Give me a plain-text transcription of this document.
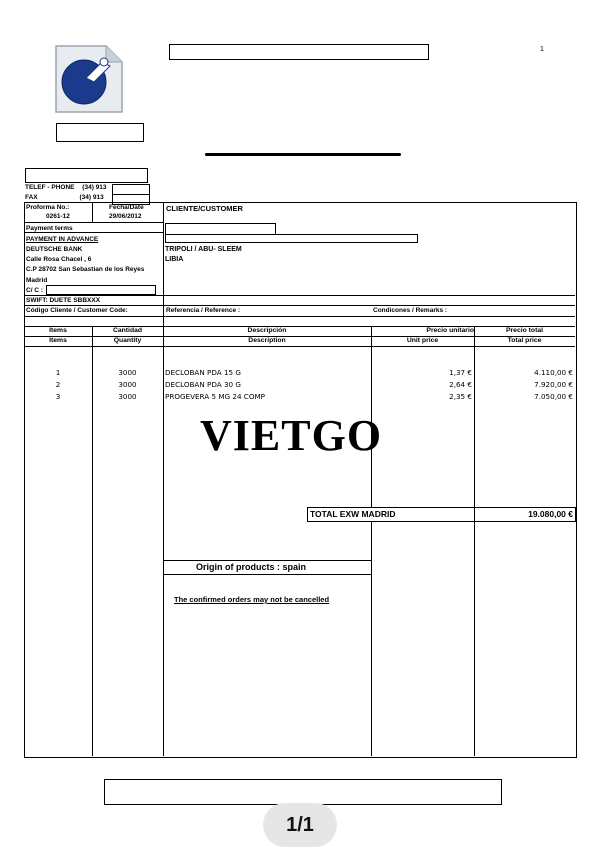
1
TELEF - PHONE (34) 913
FAX	(34) 913
Proforma No.:
0261-12
Fecha/Date
29/06/2012
Payment terms
PAYMENT IN ADVANCE
DEUTSCHE BANK
Calle Rosa Chacel , 6
C.P 28702 San Sebastian de los Reyes
Madrid
C/ C :
SWIFT: DUETE SBBXXX
CLIENTE/CUSTOMER
TRIPOLI / ABU- SLEEM
LIBIA
Código Cliente / Customer Code:	Referencia / Reference :	Condicones / Remarks :
Items	Cantidad	Descripción	Precio unitario	Precio total
Items	Quantity	Description	Unit price	Total price
1	3000	DECLOBAN PDA 15 G	1,37 €	4.110,00 €
2	3000	DECLOBAN PDA 30 G	2,64 €	7.920,00 €
3	3000	PROGEVERA 5 MG 24 COMP	2,35 €	7.050,00 €
VIETGO
TOTAL EXW MADRID	19.080,00 €
Origin of products : spain
The confirmed orders may not be cancelled
1/1
